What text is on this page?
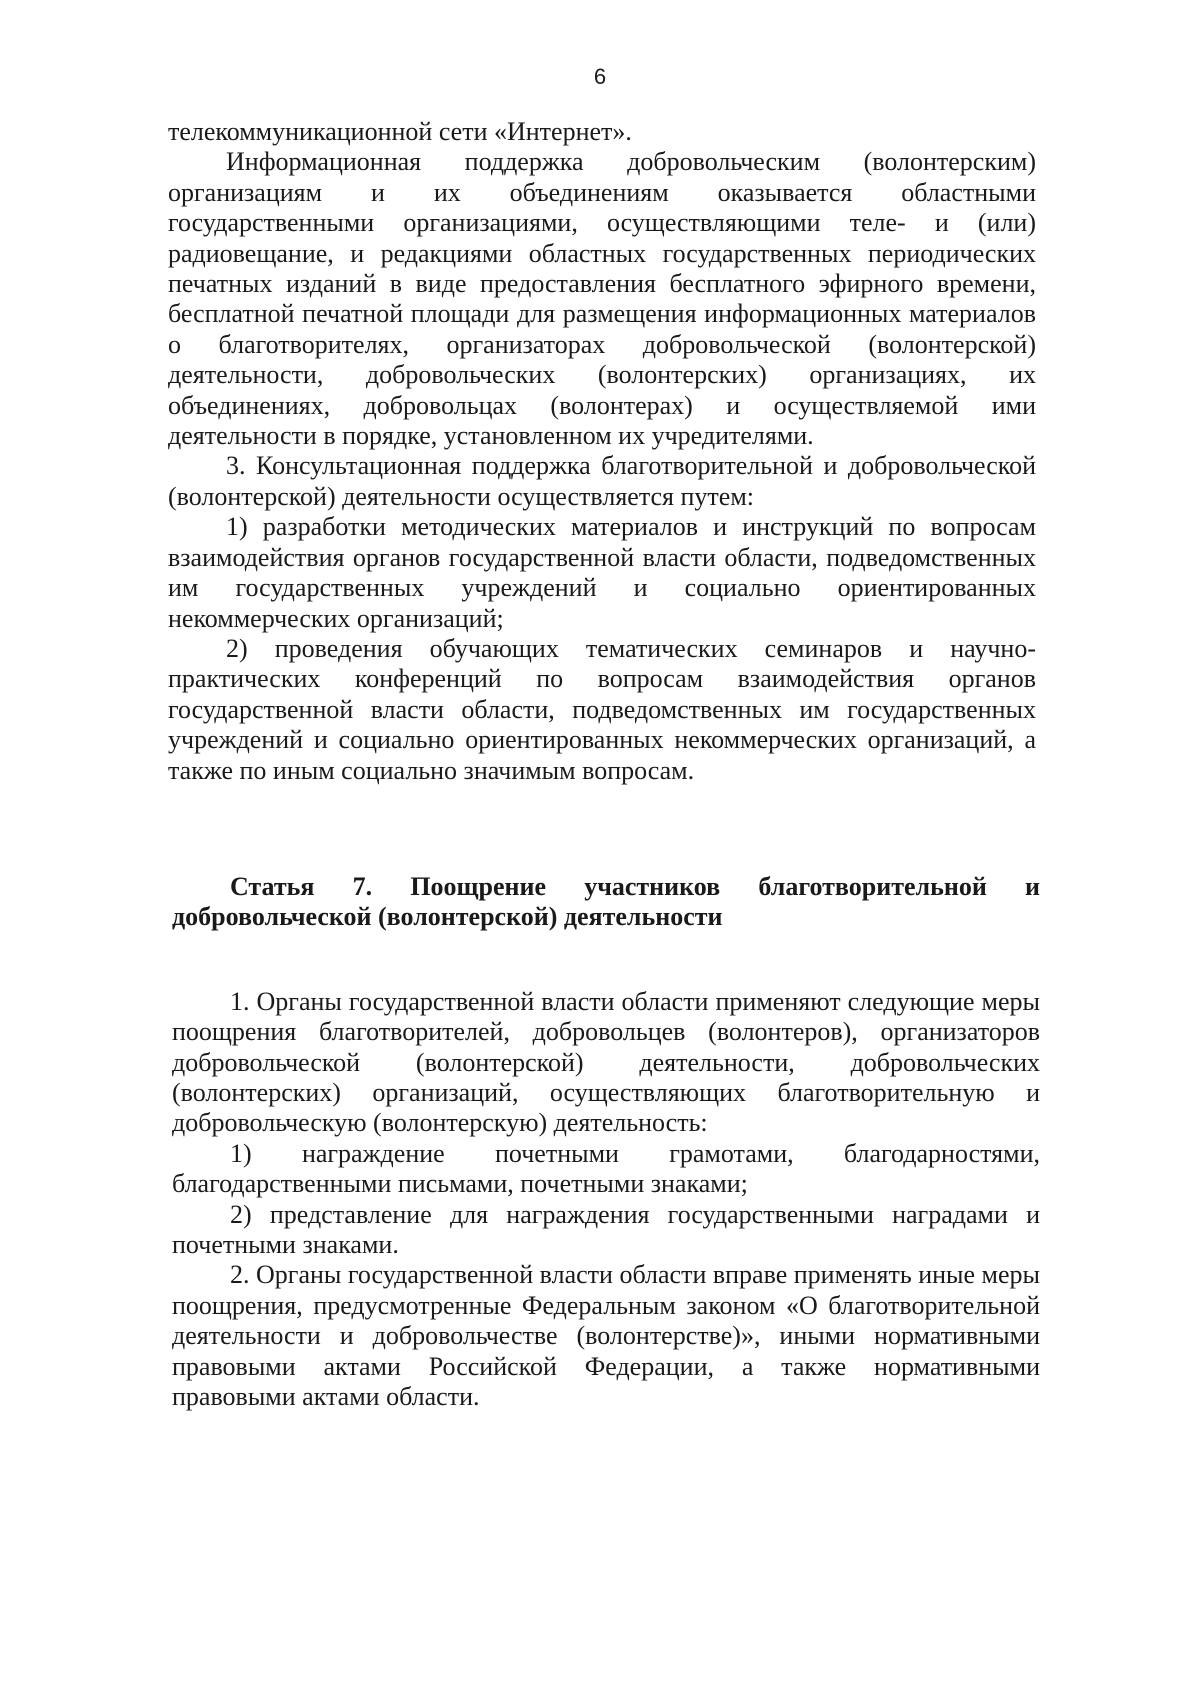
6

телекоммуникационной сети «Интернет».

Информационная поддержка добровольческим (волонтерским) организациям и их объединениям оказывается областными государственными организациями, осуществляющими теле- и (или) радиовещание, и редакциями областных государственных периодических печатных изданий в виде предоставления бесплатного эфирного времени, бесплатной печатной площади для размещения информационных материалов о благотворителях, организаторах добровольческой (волонтерской) деятельности, добровольческих (волонтерских) организациях, их объединениях, добровольцах (волонтерах) и осуществляемой ими деятельности в порядке, установленном их учредителями.

3. Консультационная поддержка благотворительной и добровольческой (волонтерской) деятельности осуществляется путем:

1) разработки методических материалов и инструкций по вопросам взаимодействия органов государственной власти области, подведомственных им государственных учреждений и социально ориентированных некоммерческих организаций;

2) проведения обучающих тематических семинаров и научно-практических конференций по вопросам взаимодействия органов государственной власти области, подведомственных им государственных учреждений и социально ориентированных некоммерческих организаций, а также по иным социально значимым вопросам.

Статья 7. Поощрение участников благотворительной и добровольческой (волонтерской) деятельности

1. Органы государственной власти области применяют следующие меры поощрения благотворителей, добровольцев (волонтеров), организаторов добровольческой (волонтерской) деятельности, добровольческих (волонтерских) организаций, осуществляющих благотворительную и добровольческую (волонтерскую) деятельность:

1) награждение почетными грамотами, благодарностями, благодарственными письмами, почетными знаками;

2) представление для награждения государственными наградами и почетными знаками.

2. Органы государственной власти области вправе применять иные меры поощрения, предусмотренные Федеральным законом «О благотворительной деятельности и добровольчестве (волонтерстве)», иными нормативными правовыми актами Российской Федерации, а также нормативными правовыми актами области.
